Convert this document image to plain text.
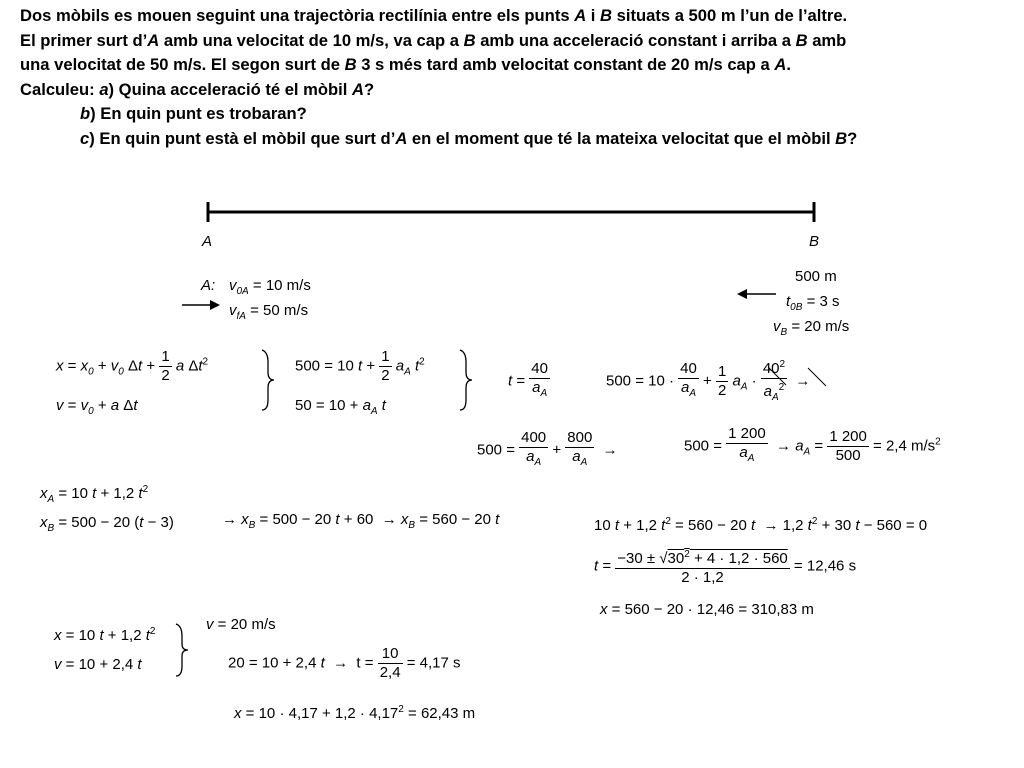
Dos mòbils es mouen seguint una trajectòria rectilínia entre els punts A i B situats a 500 m l’un de l’altre.

El primer surt d’A amb una velocitat de 10 m/s, va cap a B amb una acceleració constant i arriba a B amb

una velocitat de 50 m/s. El segon surt de B 3 s més tard amb velocitat constant de 20 m/s cap a A.

Calculeu: a) Quina acceleració té el mòbil A?

b) En quin punt es trobaran?

c) En quin punt està el mòbil que surt d’A en el moment que té la mateixa velocitat que el mòbil B?

A	B
A: $v_{0A} = 10$ m/s
$v_{fA} = 50$ m/s
500 m
$t_{0B} = 3$ s
$v_B = 20$ m/s
$x = x_0 + v_0$ $\Delta t + \frac{1}{2}$ a $\Delta t^2$
$v = v_0 + a$ Δt
500 = 10 $t + \frac{1}{2} a_A$ $t^2$
$50 = 10 + a_A$ t
$t = \frac{40}{a_A}$	$500 = 10 \cdot \frac{40}{a_A} + \frac{1}{2} a_A \cdot \frac{40^2}{a_A^2}$ →
$500 = \frac{400}{a_A} + \frac{800}{a_A}$ →	$500 = \frac{1 200}{a_A} \to a_A = \frac{1 200}{500} = 2,4$ $m/s^2$
$x_A = 10$ t + 1,2 $t^2$
$x_B = 500 - 20$ (t − 3)	→ $x_B = 500 - 20$ $t + 60 \to x_B = 560 - 20$ t	10 t + 1,2 $t^2 = 560 - 20$ t  → 1,2 $t^2 + 30$ t − 560 = 0
$t = \frac{-30 \pm √30^2 + 4 \cdot 1,2 \cdot 560}{2 \cdot 1,2} = 12,46$ s
x = 560 − 20 · 12,46 = 310,83 m
x = 10 t + 1,2 $t^2$
v = 10 + 2,4 t
v = 20 m/s
20 = 10 + 2,4 $t \to t = \frac{10}{2,4} = 4,17$ s
$x = 10 \cdot 4,17 + 1,2 \cdot 4,17^2 = 62,43$ m
